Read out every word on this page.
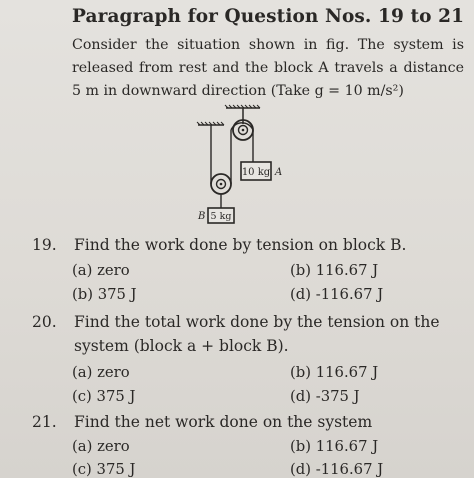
Paragraph for Question Nos. 19 to 21
Consider the situation shown in fig. The system is released from rest and the block A travels a distance 5 m in downward direction (Take g = 10 m/s²)
10 kg A
5 kg
B
19. Find the work done by tension on block B.
(a) zero	(b) 116.67 J
(b) 375 J	(d) -116.67 J
20. Find the total work done by the tension on the
system (block a + block B).
(a) zero	(b) 116.67 J
(c) 375 J	(d) -375 J
21. Find the net work done on the system
(a) zero	(b) 116.67 J
(c) 375 J	(d) -116.67 J
